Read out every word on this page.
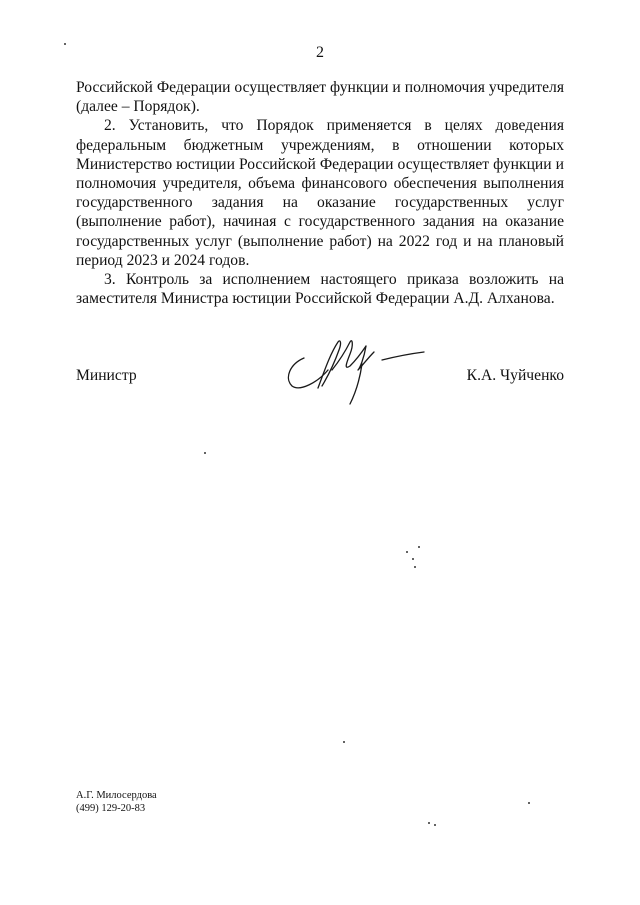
2

Российской Федерации осуществляет функции и полномочия учредителя (далее – Порядок).

2. Установить, что Порядок применяется в целях доведения федеральным бюджетным учреждениям, в отношении которых Министерство юстиции Российской Федерации осуществляет функции и полномочия учредителя, объема финансового обеспечения выполнения государственного задания на оказание государственных услуг (выполнение работ), начиная с государственного задания на оказание государственных услуг (выполнение работ) на 2022 год и на плановый период 2023 и 2024 годов.

3. Контроль за исполнением настоящего приказа возложить на заместителя Министра юстиции Российской Федерации А.Д. Алханова.

Министр	К.А. Чуйченко
А.Г. Милосердова
(499) 129-20-83
